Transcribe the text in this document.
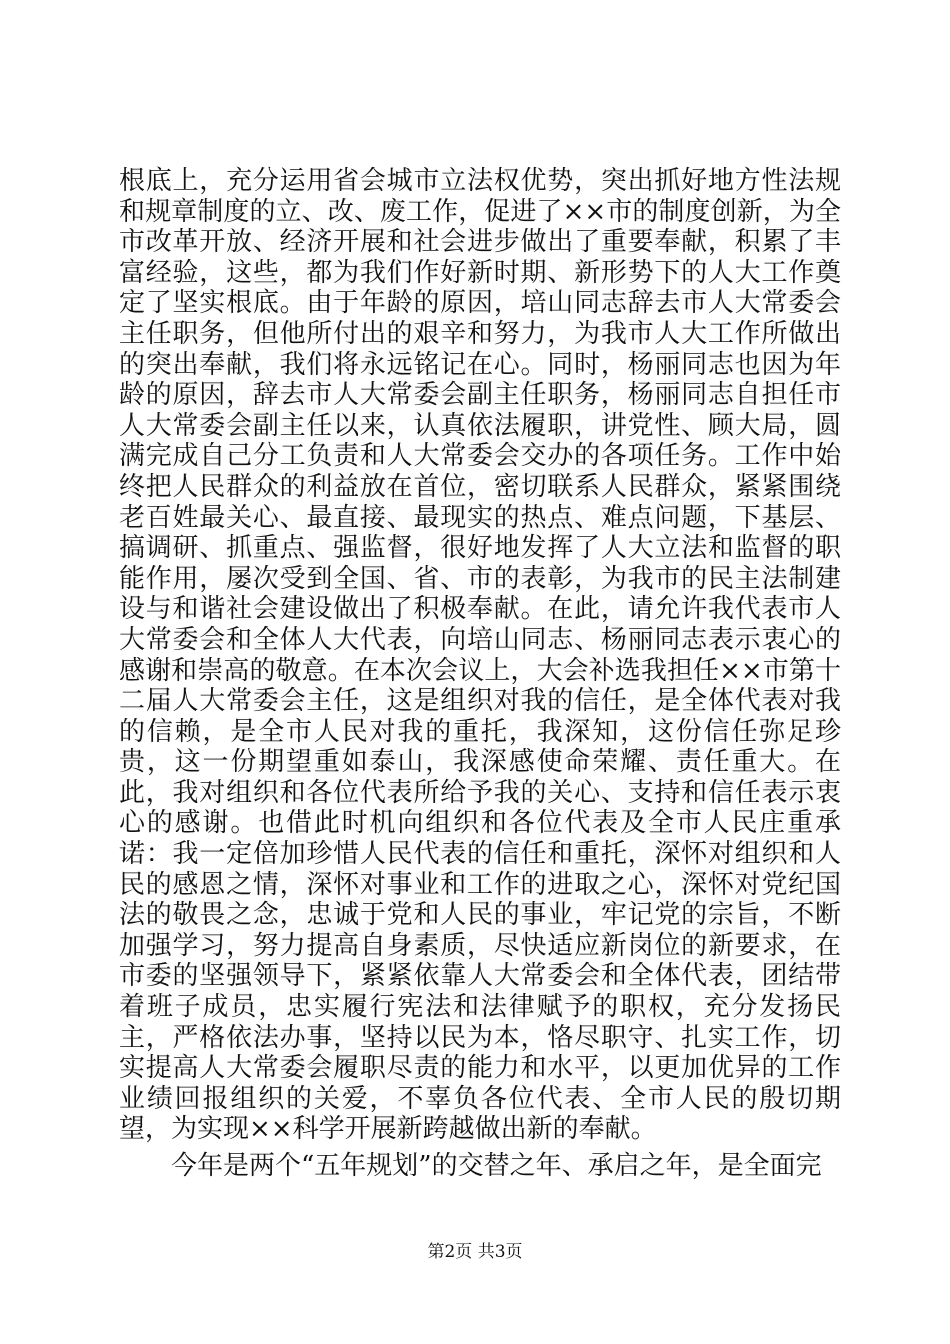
根底上，充分运用省会城市立法权优势，突出抓好地方性法规和规章制度的立、改、废工作，促进了××市的制度创新，为全市改革开放、经济开展和社会进步做出了重要奉献，积累了丰富经验，这些，都为我们作好新时期、新形势下的人大工作奠定了坚实根底。由于年龄的原因，培山同志辞去市人大常委会主任职务，但他所付出的艰辛和努力，为我市人大工作所做出的突出奉献，我们将永远铭记在心。同时，杨丽同志也因为年龄的原因，辞去市人大常委会副主任职务，杨丽同志自担任市人大常委会副主任以来，认真依法履职，讲党性、顾大局，圆满完成自己分工负责和人大常委会交办的各项任务。工作中始终把人民群众的利益放在首位，密切联系人民群众，紧紧围绕老百姓最关心、最直接、最现实的热点、难点问题，下基层、搞调研、抓重点、强监督，很好地发挥了人大立法和监督的职能作用，屡次受到全国、省、市的表彰，为我市的民主法制建设与和谐社会建设做出了积极奉献。在此，请允许我代表市人大常委会和全体人大代表，向培山同志、杨丽同志表示衷心的感谢和崇高的敬意。在本次会议上，大会补选我担任××市第十二届人大常委会主任，这是组织对我的信任，是全体代表对我的信赖，是全市人民对我的重托，我深知，这份信任弥足珍贵，这一份期望重如泰山，我深感使命荣耀、责任重大。在此，我对组织和各位代表所给予我的关心、支持和信任表示衷心的感谢。也借此时机向组织和各位代表及全市人民庄重承诺：我一定倍加珍惜人民代表的信任和重托，深怀对组织和人民的感恩之情，深怀对事业和工作的进取之心，深怀对党纪国法的敬畏之念，忠诚于党和人民的事业，牢记党的宗旨，不断加强学习，努力提高自身素质，尽快适应新岗位的新要求，在市委的坚强领导下，紧紧依靠人大常委会和全体代表，团结带着班子成员，忠实履行宪法和法律赋予的职权，充分发扬民主，严格依法办事，坚持以民为本，恪尽职守、扎实工作，切实提高人大常委会履职尽责的能力和水平，以更加优异的工作业绩回报组织的关爱，不辜负各位代表、全市人民的殷切期望，为实现××科学开展新跨越做出新的奉献。

今年是两个“五年规划”的交替之年、承启之年，是全面完

第2页 共3页
